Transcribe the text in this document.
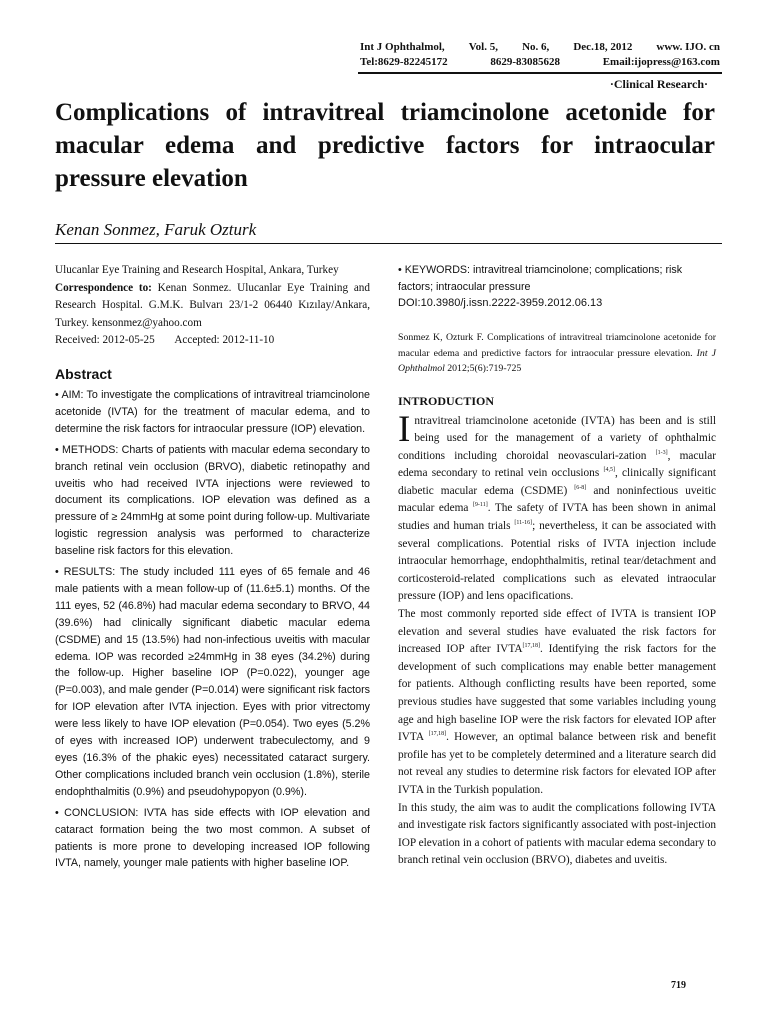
Int J Ophthalmol, Vol. 5, No. 6, Dec.18, 2012 www. IJO. cn
Tel:8629-82245172	8629-83085628	Email:ijopress@163.com
·Clinical Research·
Complications of intravitreal triamcinolone acetonide for macular edema and predictive factors for intraocular pressure elevation
Kenan Sonmez, Faruk Ozturk

Ulucanlar Eye Training and Research Hospital, Ankara, Turkey

Correspondence to: Kenan Sonmez. Ulucanlar Eye Training and Research Hospital. G.M.K. Bulvarı 23/1-2 06440 Kızılay/Ankara, Turkey. kensonmez@yahoo.com

Received: 2012-05-25 Accepted: 2012-11-10

Abstract

• AIM: To investigate the complications of intravitreal triamcinolone acetonide (IVTA) for the treatment of macular edema, and to determine the risk factors for intraocular pressure (IOP) elevation.

• METHODS: Charts of patients with macular edema secondary to branch retinal vein occlusion (BRVO), diabetic retinopathy and uveitis who had received IVTA injections were reviewed to document its complications. IOP elevation was defined as a pressure of ≥ 24mmHg at some point during follow-up. Multivariate logistic regression analysis was performed to characterize baseline risk factors for this elevation.

• RESULTS: The study included 111 eyes of 65 female and 46 male patients with a mean follow-up of (11.6±5.1) months. Of the 111 eyes, 52 (46.8%) had macular edema secondary to BRVO, 44 (39.6%) had clinically significant diabetic macular edema (CSDME) and 15 (13.5%) had non-infectious uveitis with macular edema. IOP was recorded ≥24mmHg in 38 eyes (34.2%) during the follow-up. Higher baseline IOP (P=0.022), younger age (P=0.003), and male gender (P=0.014) were significant risk factors for IOP elevation after IVTA injection. Eyes with prior vitrectomy were less likely to have IOP elevation (P=0.054). Two eyes (5.2% of eyes with increased IOP) underwent trabeculectomy, and 9 eyes (16.3% of the phakic eyes) necessitated cataract surgery. Other complications included branch vein occlusion (1.8%), sterile endophthalmitis (0.9%) and pseudohypopyon (0.9%).

• CONCLUSION: IVTA has side effects with IOP elevation and cataract formation being the two most common. A subset of patients is more prone to developing increased IOP following IVTA, namely, younger male patients with higher baseline IOP.

• KEYWORDS: intravitreal triamcinolone; complications; risk factors; intraocular pressure

DOI:10.3980/j.issn.2222-3959.2012.06.13

Sonmez K, Ozturk F. Complications of intravitreal triamcinolone acetonide for macular edema and predictive factors for intraocular pressure elevation. Int J Ophthalmol 2012;5(6):719-725

INTRODUCTION

Intravitreal triamcinolone acetonide (IVTA) has been and is still being used for the management of a variety of ophthalmic conditions including choroidal neovasculari-zation [1-3], macular edema secondary to retinal vein occlusions [4,5], clinically significant diabetic macular edema (CSDME) [6-8] and noninfectious uveitic macular edema [9-11]. The safety of IVTA has been shown in animal studies and human trials [11-16]; nevertheless, it can be associated with several complications. Potential risks of IVTA injection include intraocular hemorrhage, endophthalmitis, retinal tear/detachment and corticosteroid-related complications such as elevated intraocular pressure (IOP) and lens opacifications.

The most commonly reported side effect of IVTA is transient IOP elevation and several studies have evaluated the risk factors for increased IOP after IVTA[17,18]. Identifying the risk factors for the development of such complications may enable better management for patients. Although conflicting results have been reported, some previous studies have suggested that some variables including young age and high baseline IOP were the risk factors for elevated IOP after IVTA [17,18]. However, an optimal balance between risk and benefit profile has yet to be completely determined and a literature search did not reveal any studies to determine risk factors for elevated IOP after IVTA in the Turkish population.

In this study, the aim was to audit the complications following IVTA and investigate risk factors significantly associated with post-injection IOP elevation in a cohort of patients with macular edema secondary to branch retinal vein occlusion (BRVO), diabetes and uveitis.

719
